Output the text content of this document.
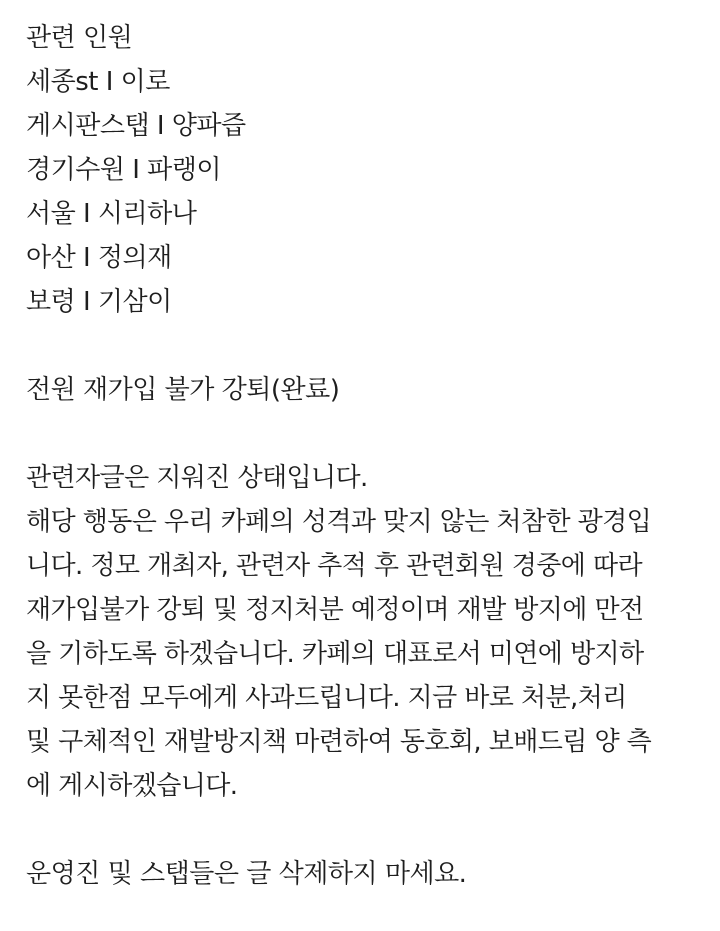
관련 인원
세종st I 이로
게시판스탭 I 양파즙
경기수원 I 파랭이
서울 I 시리하나
아산 I 정의재
보령 I 기삼이
전원 재가입 불가 강퇴(완료)
관련자글은 지워진 상태입니다.
해당 행동은 우리 카페의 성격과 맞지 않는 처참한 광경입
니다. 정모 개최자, 관련자 추적 후 관련회원 경중에 따라
재가입불가 강퇴 및 정지처분 예정이며 재발 방지에 만전
을 기하도록 하겠습니다. 카페의 대표로서 미연에 방지하
지 못한점 모두에게 사과드립니다. 지금 바로 처분,처리
및 구체적인 재발방지책 마련하여 동호회, 보배드림 양 측
에 게시하겠습니다.
운영진 및 스탭들은 글 삭제하지 마세요.
